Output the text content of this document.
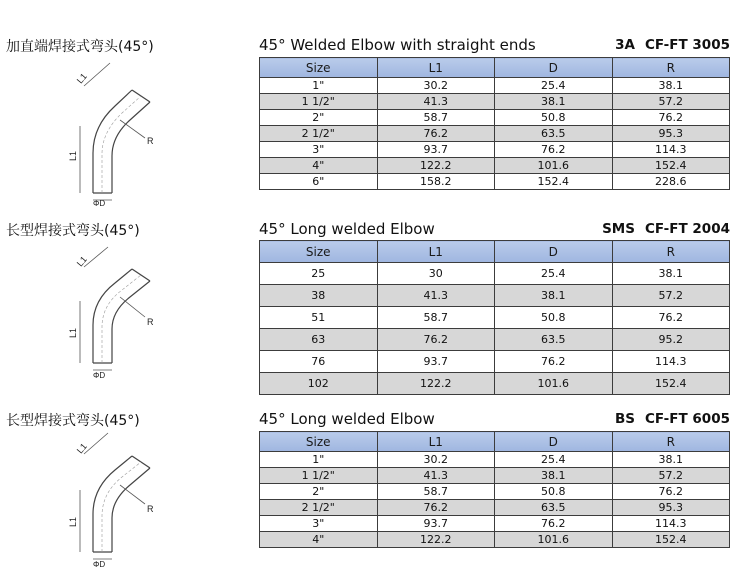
加直端焊接式弯头(45°)
L1
L1
R
ΦD
45° Welded Elbow with straight ends	3A CF-FT 3005
Size	L1	D	R
1"	30.2	25.4	38.1
1 1/2"	41.3	38.1	57.2
2"	58.7	50.8	76.2
2 1/2"	76.2	63.5	95.3
3"	93.7	76.2	114.3
4"	122.2	101.6	152.4
6"	158.2	152.4	228.6
长型焊接式弯头(45°)
L1
L1
R
ΦD
45° Long welded Elbow	SMS CF-FT 2004
Size	L1	D	R
25	30	25.4	38.1
38	41.3	38.1	57.2
51	58.7	50.8	76.2
63	76.2	63.5	95.2
76	93.7	76.2	114.3
102	122.2	101.6	152.4
长型焊接式弯头(45°)
L1
L1
R
ΦD
45° Long welded Elbow	BS CF-FT 6005
Size	L1	D	R
1"	30.2	25.4	38.1
1 1/2"	41.3	38.1	57.2
2"	58.7	50.8	76.2
2 1/2"	76.2	63.5	95.3
3"	93.7	76.2	114.3
4"	122.2	101.6	152.4
